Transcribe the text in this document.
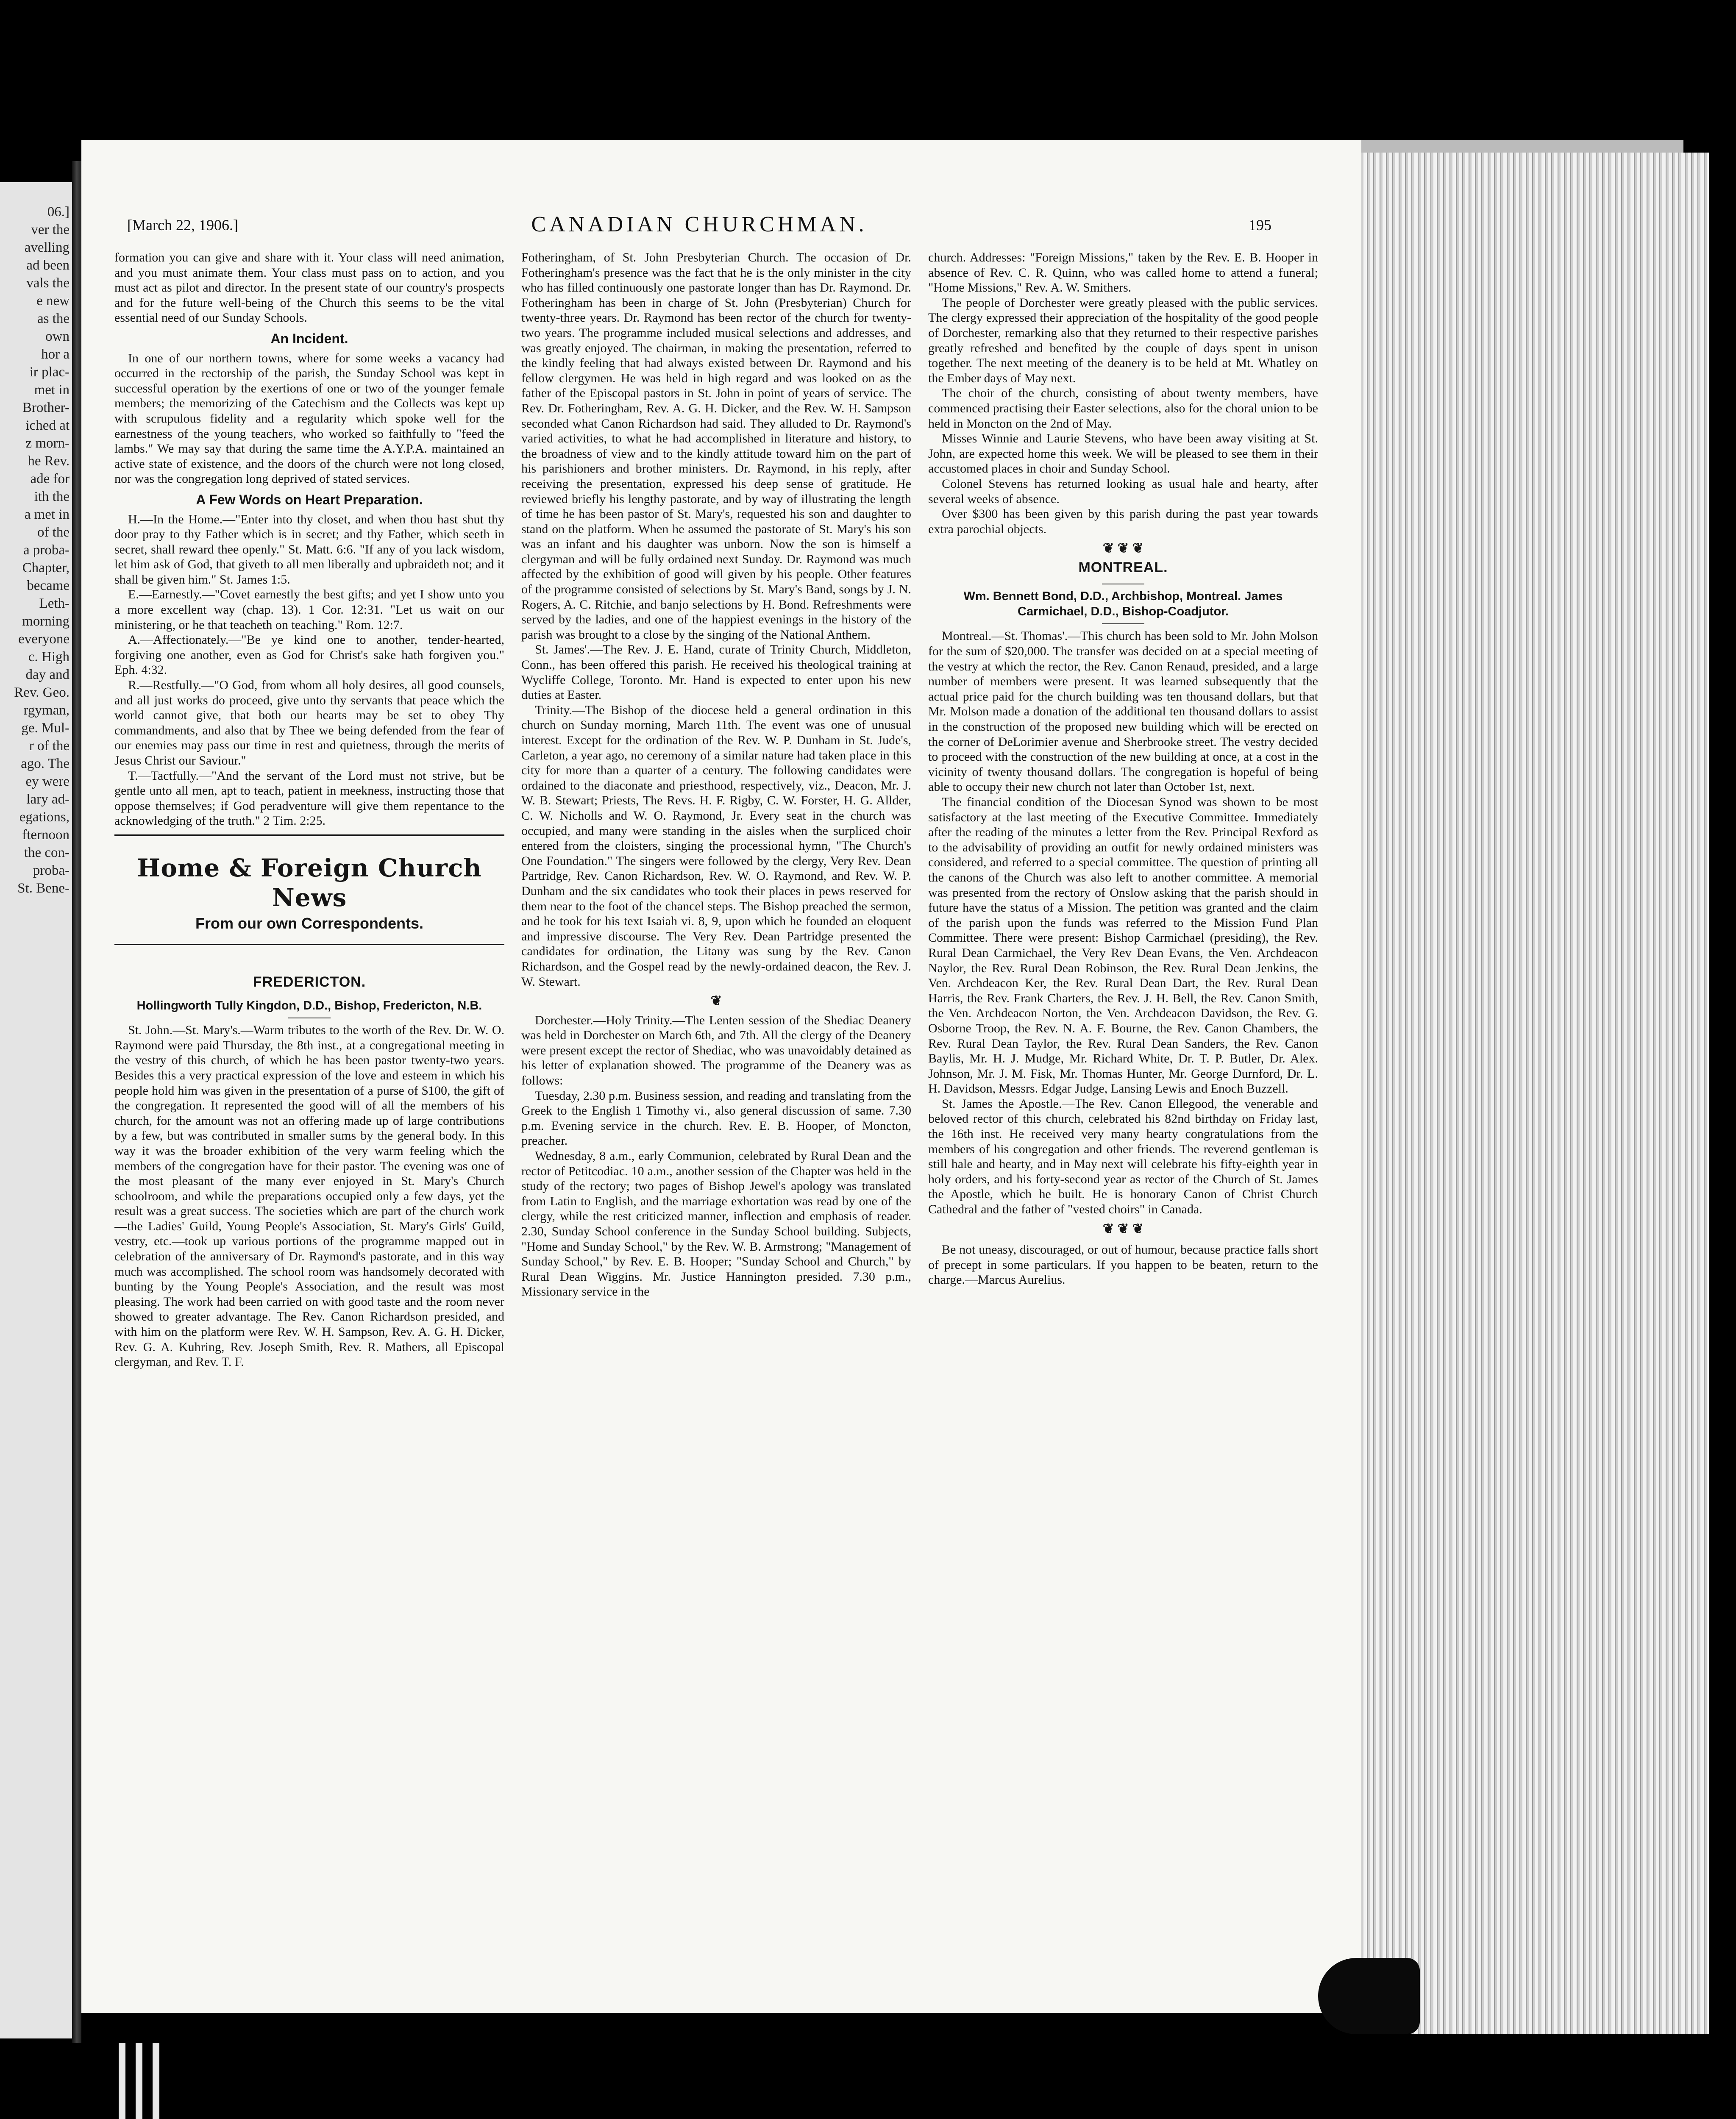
06.]
ver the
avelling
ad been
vals the
e new
as the
own
hor a
ir plac-
met in
Brother-
iched at
z morn-
he Rev.
ade for
ith the
a met in
of the
a proba-
Chapter,
became
Leth-
morning
everyone
c. High
day and
Rev. Geo.
rgyman,
ge. Mul-
r of the
ago. The
ey were
lary ad-
egations,
fternoon
the con-
proba-
St. Bene-
[March 22, 1906.]	CANADIAN CHURCHMAN.	195

formation you can give and share with it. Your class will need animation, and you must animate them. Your class must pass on to action, and you must act as pilot and director. In the present state of our country's prospects and for the future well-being of the Church this seems to be the vital essential need of our Sunday Schools.

An Incident.

In one of our northern towns, where for some weeks a vacancy had occurred in the rectorship of the parish, the Sunday School was kept in successful operation by the exertions of one or two of the younger female members; the memorizing of the Catechism and the Collects was kept up with scrupulous fidelity and a regularity which spoke well for the earnestness of the young teachers, who worked so faithfully to "feed the lambs." We may say that during the same time the A.Y.P.A. maintained an active state of existence, and the doors of the church were not long closed, nor was the congregation long deprived of stated services.

A Few Words on Heart Preparation.

H.—In the Home.—"Enter into thy closet, and when thou hast shut thy door pray to thy Father which is in secret; and thy Father, which seeth in secret, shall reward thee openly." St. Matt. 6:6. "If any of you lack wisdom, let him ask of God, that giveth to all men liberally and upbraideth not; and it shall be given him." St. James 1:5.

E.—Earnestly.—"Covet earnestly the best gifts; and yet I show unto you a more excellent way (chap. 13). 1 Cor. 12:31. "Let us wait on our ministering, or he that teacheth on teaching." Rom. 12:7.

A.—Affectionately.—"Be ye kind one to another, tender-hearted, forgiving one another, even as God for Christ's sake hath forgiven you." Eph. 4:32.

R.—Restfully.—"O God, from whom all holy desires, all good counsels, and all just works do proceed, give unto thy servants that peace which the world cannot give, that both our hearts may be set to obey Thy commandments, and also that by Thee we being defended from the fear of our enemies may pass our time in rest and quietness, through the merits of Jesus Christ our Saviour."

T.—Tactfully.—"And the servant of the Lord must not strive, but be gentle unto all men, apt to teach, patient in meekness, instructing those that oppose themselves; if God peradventure will give them repentance to the acknowledging of the truth." 2 Tim. 2:25.

Home & Foreign Church News
From our own Correspondents.
FREDERICTON.
Hollingworth Tully Kingdon, D.D., Bishop, Fredericton, N.B.

St. John.—St. Mary's.—Warm tributes to the worth of the Rev. Dr. W. O. Raymond were paid Thursday, the 8th inst., at a congregational meeting in the vestry of this church, of which he has been pastor twenty-two years. Besides this a very practical expression of the love and esteem in which his people hold him was given in the presentation of a purse of $100, the gift of the congregation. It represented the good will of all the members of his church, for the amount was not an offering made up of large contributions by a few, but was contributed in smaller sums by the general body. In this way it was the broader exhibition of the very warm feeling which the members of the congregation have for their pastor. The evening was one of the most pleasant of the many ever enjoyed in St. Mary's Church schoolroom, and while the preparations occupied only a few days, yet the result was a great success. The societies which are part of the church work—the Ladies' Guild, Young People's Association, St. Mary's Girls' Guild, vestry, etc.—took up various portions of the programme mapped out in celebration of the anniversary of Dr. Raymond's pastorate, and in this way much was accomplished. The school room was handsomely decorated with bunting by the Young People's Association, and the result was most pleasing. The work had been carried on with good taste and the room never showed to greater advantage. The Rev. Canon Richardson presided, and with him on the platform were Rev. W. H. Sampson, Rev. A. G. H. Dicker, Rev. G. A. Kuhring, Rev. Joseph Smith, Rev. R. Mathers, all Episcopal clergyman, and Rev. T. F.

Fotheringham, of St. John Presbyterian Church. The occasion of Dr. Fotheringham's presence was the fact that he is the only minister in the city who has filled continuously one pastorate longer than has Dr. Raymond. Dr. Fotheringham has been in charge of St. John (Presbyterian) Church for twenty-three years. Dr. Raymond has been rector of the church for twenty-two years. The programme included musical selections and addresses, and was greatly enjoyed. The chairman, in making the presentation, referred to the kindly feeling that had always existed between Dr. Raymond and his fellow clergymen. He was held in high regard and was looked on as the father of the Episcopal pastors in St. John in point of years of service. The Rev. Dr. Fotheringham, Rev. A. G. H. Dicker, and the Rev. W. H. Sampson seconded what Canon Richardson had said. They alluded to Dr. Raymond's varied activities, to what he had accomplished in literature and history, to the broadness of view and to the kindly attitude toward him on the part of his parishioners and brother ministers. Dr. Raymond, in his reply, after receiving the presentation, expressed his deep sense of gratitude. He reviewed briefly his lengthy pastorate, and by way of illustrating the length of time he has been pastor of St. Mary's, requested his son and daughter to stand on the platform. When he assumed the pastorate of St. Mary's his son was an infant and his daughter was unborn. Now the son is himself a clergyman and will be fully ordained next Sunday. Dr. Raymond was much affected by the exhibition of good will given by his people. Other features of the programme consisted of selections by St. Mary's Band, songs by J. N. Rogers, A. C. Ritchie, and banjo selections by H. Bond. Refreshments were served by the ladies, and one of the happiest evenings in the history of the parish was brought to a close by the singing of the National Anthem.

St. James'.—The Rev. J. E. Hand, curate of Trinity Church, Middleton, Conn., has been offered this parish. He received his theological training at Wycliffe College, Toronto. Mr. Hand is expected to enter upon his new duties at Easter.

Trinity.—The Bishop of the diocese held a general ordination in this church on Sunday morning, March 11th. The event was one of unusual interest. Except for the ordination of the Rev. W. P. Dunham in St. Jude's, Carleton, a year ago, no ceremony of a similar nature had taken place in this city for more than a quarter of a century. The following candidates were ordained to the diaconate and priesthood, respectively, viz., Deacon, Mr. J. W. B. Stewart; Priests, The Revs. H. F. Rigby, C. W. Forster, H. G. Allder, C. W. Nicholls and W. O. Raymond, Jr. Every seat in the church was occupied, and many were standing in the aisles when the surpliced choir entered from the cloisters, singing the processional hymn, "The Church's One Foundation." The singers were followed by the clergy, Very Rev. Dean Partridge, Rev. Canon Richardson, Rev. W. O. Raymond, and Rev. W. P. Dunham and the six candidates who took their places in pews reserved for them near to the foot of the chancel steps. The Bishop preached the sermon, and he took for his text Isaiah vi. 8, 9, upon which he founded an eloquent and impressive discourse. The Very Rev. Dean Partridge presented the candidates for ordination, the Litany was sung by the Rev. Canon Richardson, and the Gospel read by the newly-ordained deacon, the Rev. J. W. Stewart.

❦

Dorchester.—Holy Trinity.—The Lenten session of the Shediac Deanery was held in Dorchester on March 6th, and 7th. All the clergy of the Deanery were present except the rector of Shediac, who was unavoidably detained as his letter of explanation showed. The programme of the Deanery was as follows:

Tuesday, 2.30 p.m. Business session, and reading and translating from the Greek to the English 1 Timothy vi., also general discussion of same. 7.30 p.m. Evening service in the church. Rev. E. B. Hooper, of Moncton, preacher.

Wednesday, 8 a.m., early Communion, celebrated by Rural Dean and the rector of Petitcodiac. 10 a.m., another session of the Chapter was held in the study of the rectory; two pages of Bishop Jewel's apology was translated from Latin to English, and the marriage exhortation was read by one of the clergy, while the rest criticized manner, inflection and emphasis of reader. 2.30, Sunday School conference in the Sunday School building. Subjects, "Home and Sunday School," by the Rev. W. B. Armstrong; "Management of Sunday School," by Rev. E. B. Hooper; "Sunday School and Church," by Rural Dean Wiggins. Mr. Justice Hannington presided. 7.30 p.m., Missionary service in the

church. Addresses: "Foreign Missions," taken by the Rev. E. B. Hooper in absence of Rev. C. R. Quinn, who was called home to attend a funeral; "Home Missions," Rev. A. W. Smithers.

The people of Dorchester were greatly pleased with the public services. The clergy expressed their appreciation of the hospitality of the good people of Dorchester, remarking also that they returned to their respective parishes greatly refreshed and benefited by the couple of days spent in unison together. The next meeting of the deanery is to be held at Mt. Whatley on the Ember days of May next.

The choir of the church, consisting of about twenty members, have commenced practising their Easter selections, also for the choral union to be held in Moncton on the 2nd of May.

Misses Winnie and Laurie Stevens, who have been away visiting at St. John, are expected home this week. We will be pleased to see them in their accustomed places in choir and Sunday School.

Colonel Stevens has returned looking as usual hale and hearty, after several weeks of absence.

Over $300 has been given by this parish during the past year towards extra parochial objects.

❦ ❦ ❦
MONTREAL.
Wm. Bennett Bond, D.D., Archbishop, Montreal. James Carmichael, D.D., Bishop-Coadjutor.

Montreal.—St. Thomas'.—This church has been sold to Mr. John Molson for the sum of $20,000. The transfer was decided on at a special meeting of the vestry at which the rector, the Rev. Canon Renaud, presided, and a large number of members were present. It was learned subsequently that the actual price paid for the church building was ten thousand dollars, but that Mr. Molson made a donation of the additional ten thousand dollars to assist in the construction of the proposed new building which will be erected on the corner of DeLorimier avenue and Sherbrooke street. The vestry decided to proceed with the construction of the new building at once, at a cost in the vicinity of twenty thousand dollars. The congregation is hopeful of being able to occupy their new church not later than October 1st, next.

The financial condition of the Diocesan Synod was shown to be most satisfactory at the last meeting of the Executive Committee. Immediately after the reading of the minutes a letter from the Rev. Principal Rexford as to the advisability of providing an outfit for newly ordained ministers was considered, and referred to a special committee. The question of printing all the canons of the Church was also left to another committee. A memorial was presented from the rectory of Onslow asking that the parish should in future have the status of a Mission. The petition was granted and the claim of the parish upon the funds was referred to the Mission Fund Plan Committee. There were present: Bishop Carmichael (presiding), the Rev. Rural Dean Carmichael, the Very Rev Dean Evans, the Ven. Archdeacon Naylor, the Rev. Rural Dean Robinson, the Rev. Rural Dean Jenkins, the Ven. Archdeacon Ker, the Rev. Rural Dean Dart, the Rev. Rural Dean Harris, the Rev. Frank Charters, the Rev. J. H. Bell, the Rev. Canon Smith, the Ven. Archdeacon Norton, the Ven. Archdeacon Davidson, the Rev. G. Osborne Troop, the Rev. N. A. F. Bourne, the Rev. Canon Chambers, the Rev. Rural Dean Taylor, the Rev. Rural Dean Sanders, the Rev. Canon Baylis, Mr. H. J. Mudge, Mr. Richard White, Dr. T. P. Butler, Dr. Alex. Johnson, Mr. J. M. Fisk, Mr. Thomas Hunter, Mr. George Durnford, Dr. L. H. Davidson, Messrs. Edgar Judge, Lansing Lewis and Enoch Buzzell.

St. James the Apostle.—The Rev. Canon Ellegood, the venerable and beloved rector of this church, celebrated his 82nd birthday on Friday last, the 16th inst. He received very many hearty congratulations from the members of his congregation and other friends. The reverend gentleman is still hale and hearty, and in May next will celebrate his fifty-eighth year in holy orders, and his forty-second year as rector of the Church of St. James the Apostle, which he built. He is honorary Canon of Christ Church Cathedral and the father of "vested choirs" in Canada.

❦ ❦ ❦

Be not uneasy, discouraged, or out of humour, because practice falls short of precept in some particulars. If you happen to be beaten, return to the charge.—Marcus Aurelius.
